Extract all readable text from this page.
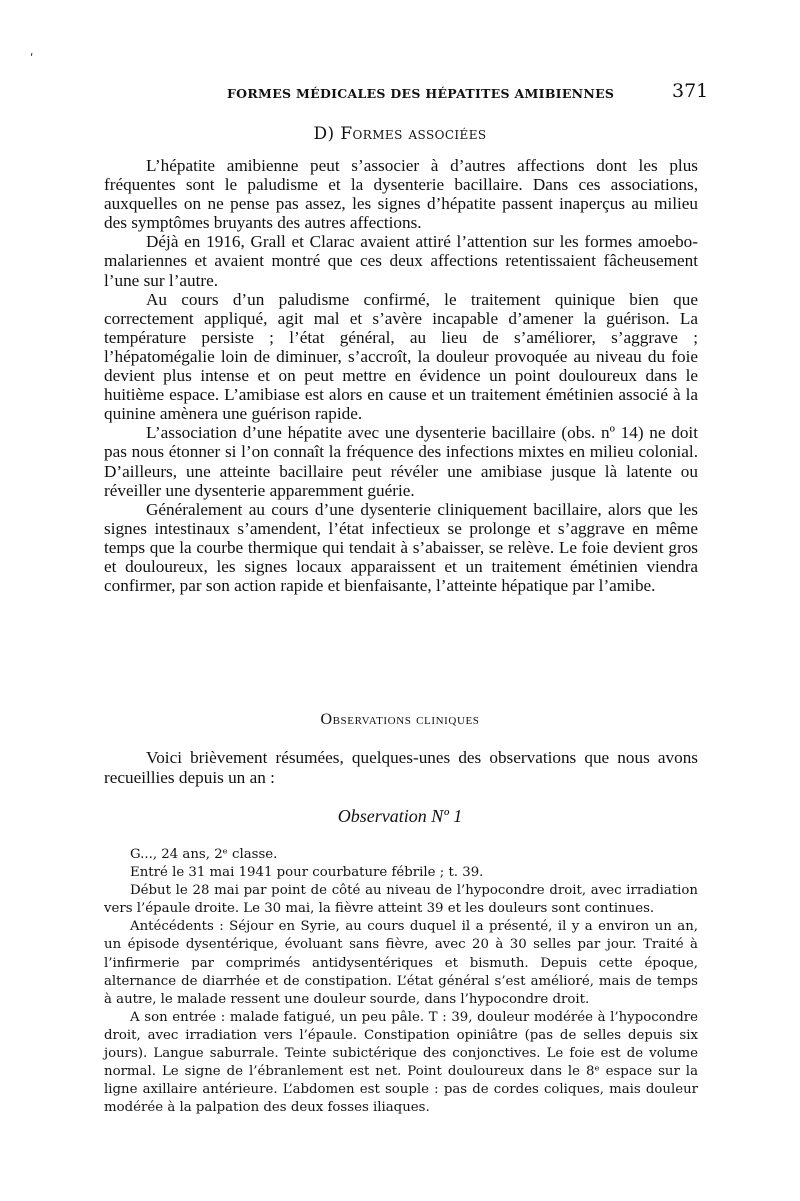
ʹ
FORMES MÉDICALES DES HÉPATITES AMIBIENNES	371
D) Formes associées

L’hépatite amibienne peut s’associer à d’autres affections dont les plus fréquentes sont le paludisme et la dysenterie bacillaire. Dans ces associations, auxquelles on ne pense pas assez, les signes d’hépatite passent inaperçus au milieu des symptômes bruyants des autres affections.

Déjà en 1916, Grall et Clarac avaient attiré l’attention sur les formes amoebo-malariennes et avaient montré que ces deux affections retentissaient fâcheusement l’une sur l’autre.

Au cours d’un paludisme confirmé, le traitement quinique bien que correctement appliqué, agit mal et s’avère incapable d’amener la guérison. La température persiste ; l’état général, au lieu de s’améliorer, s’aggrave ; l’hépatomégalie loin de diminuer, s’accroît, la douleur provoquée au niveau du foie devient plus intense et on peut mettre en évidence un point douloureux dans le huitième espace. L’amibiase est alors en cause et un traitement émétinien associé à la quinine amènera une guérison rapide.

L’association d’une hépatite avec une dysenterie bacillaire (obs. nº 14) ne doit pas nous étonner si l’on connaît la fréquence des infections mixtes en milieu colonial. D’ailleurs, une atteinte bacillaire peut révéler une amibiase jusque là latente ou réveiller une dysenterie apparemment guérie.

Généralement au cours d’une dysenterie cliniquement bacillaire, alors que les signes intestinaux s’amendent, l’état infectieux se prolonge et s’aggrave en même temps que la courbe thermique qui tendait à s’abaisser, se relève. Le foie devient gros et douloureux, les signes locaux apparaissent et un traitement émétinien viendra confirmer, par son action rapide et bienfaisante, l’atteinte hépatique par l’amibe.

Observations cliniques

Voici brièvement résumées, quelques-unes des observations que nous avons recueillies depuis un an :

Observation Nº 1

G..., 24 ans, 2ᵉ classe.

Entré le 31 mai 1941 pour courbature fébrile ; t. 39.

Début le 28 mai par point de côté au niveau de l’hypocondre droit, avec irradiation vers l’épaule droite. Le 30 mai, la fièvre atteint 39 et les douleurs sont continues.

Antécédents : Séjour en Syrie, au cours duquel il a présenté, il y a environ un an, un épisode dysentérique, évoluant sans fièvre, avec 20 à 30 selles par jour. Traité à l’infirmerie par comprimés antidysentériques et bismuth. Depuis cette époque, alternance de diarrhée et de constipation. L’état général s’est amélioré, mais de temps à autre, le malade ressent une douleur sourde, dans l’hypocondre droit.

A son entrée : malade fatigué, un peu pâle. T : 39, douleur modérée à l’hypocondre droit, avec irradiation vers l’épaule. Constipation opiniâtre (pas de selles depuis six jours). Langue saburrale. Teinte subictérique des conjonctives. Le foie est de volume normal. Le signe de l’ébranlement est net. Point douloureux dans le 8ᵉ espace sur la ligne axillaire antérieure. L’abdomen est souple : pas de cordes coliques, mais douleur modérée à la palpation des deux fosses iliaques.
